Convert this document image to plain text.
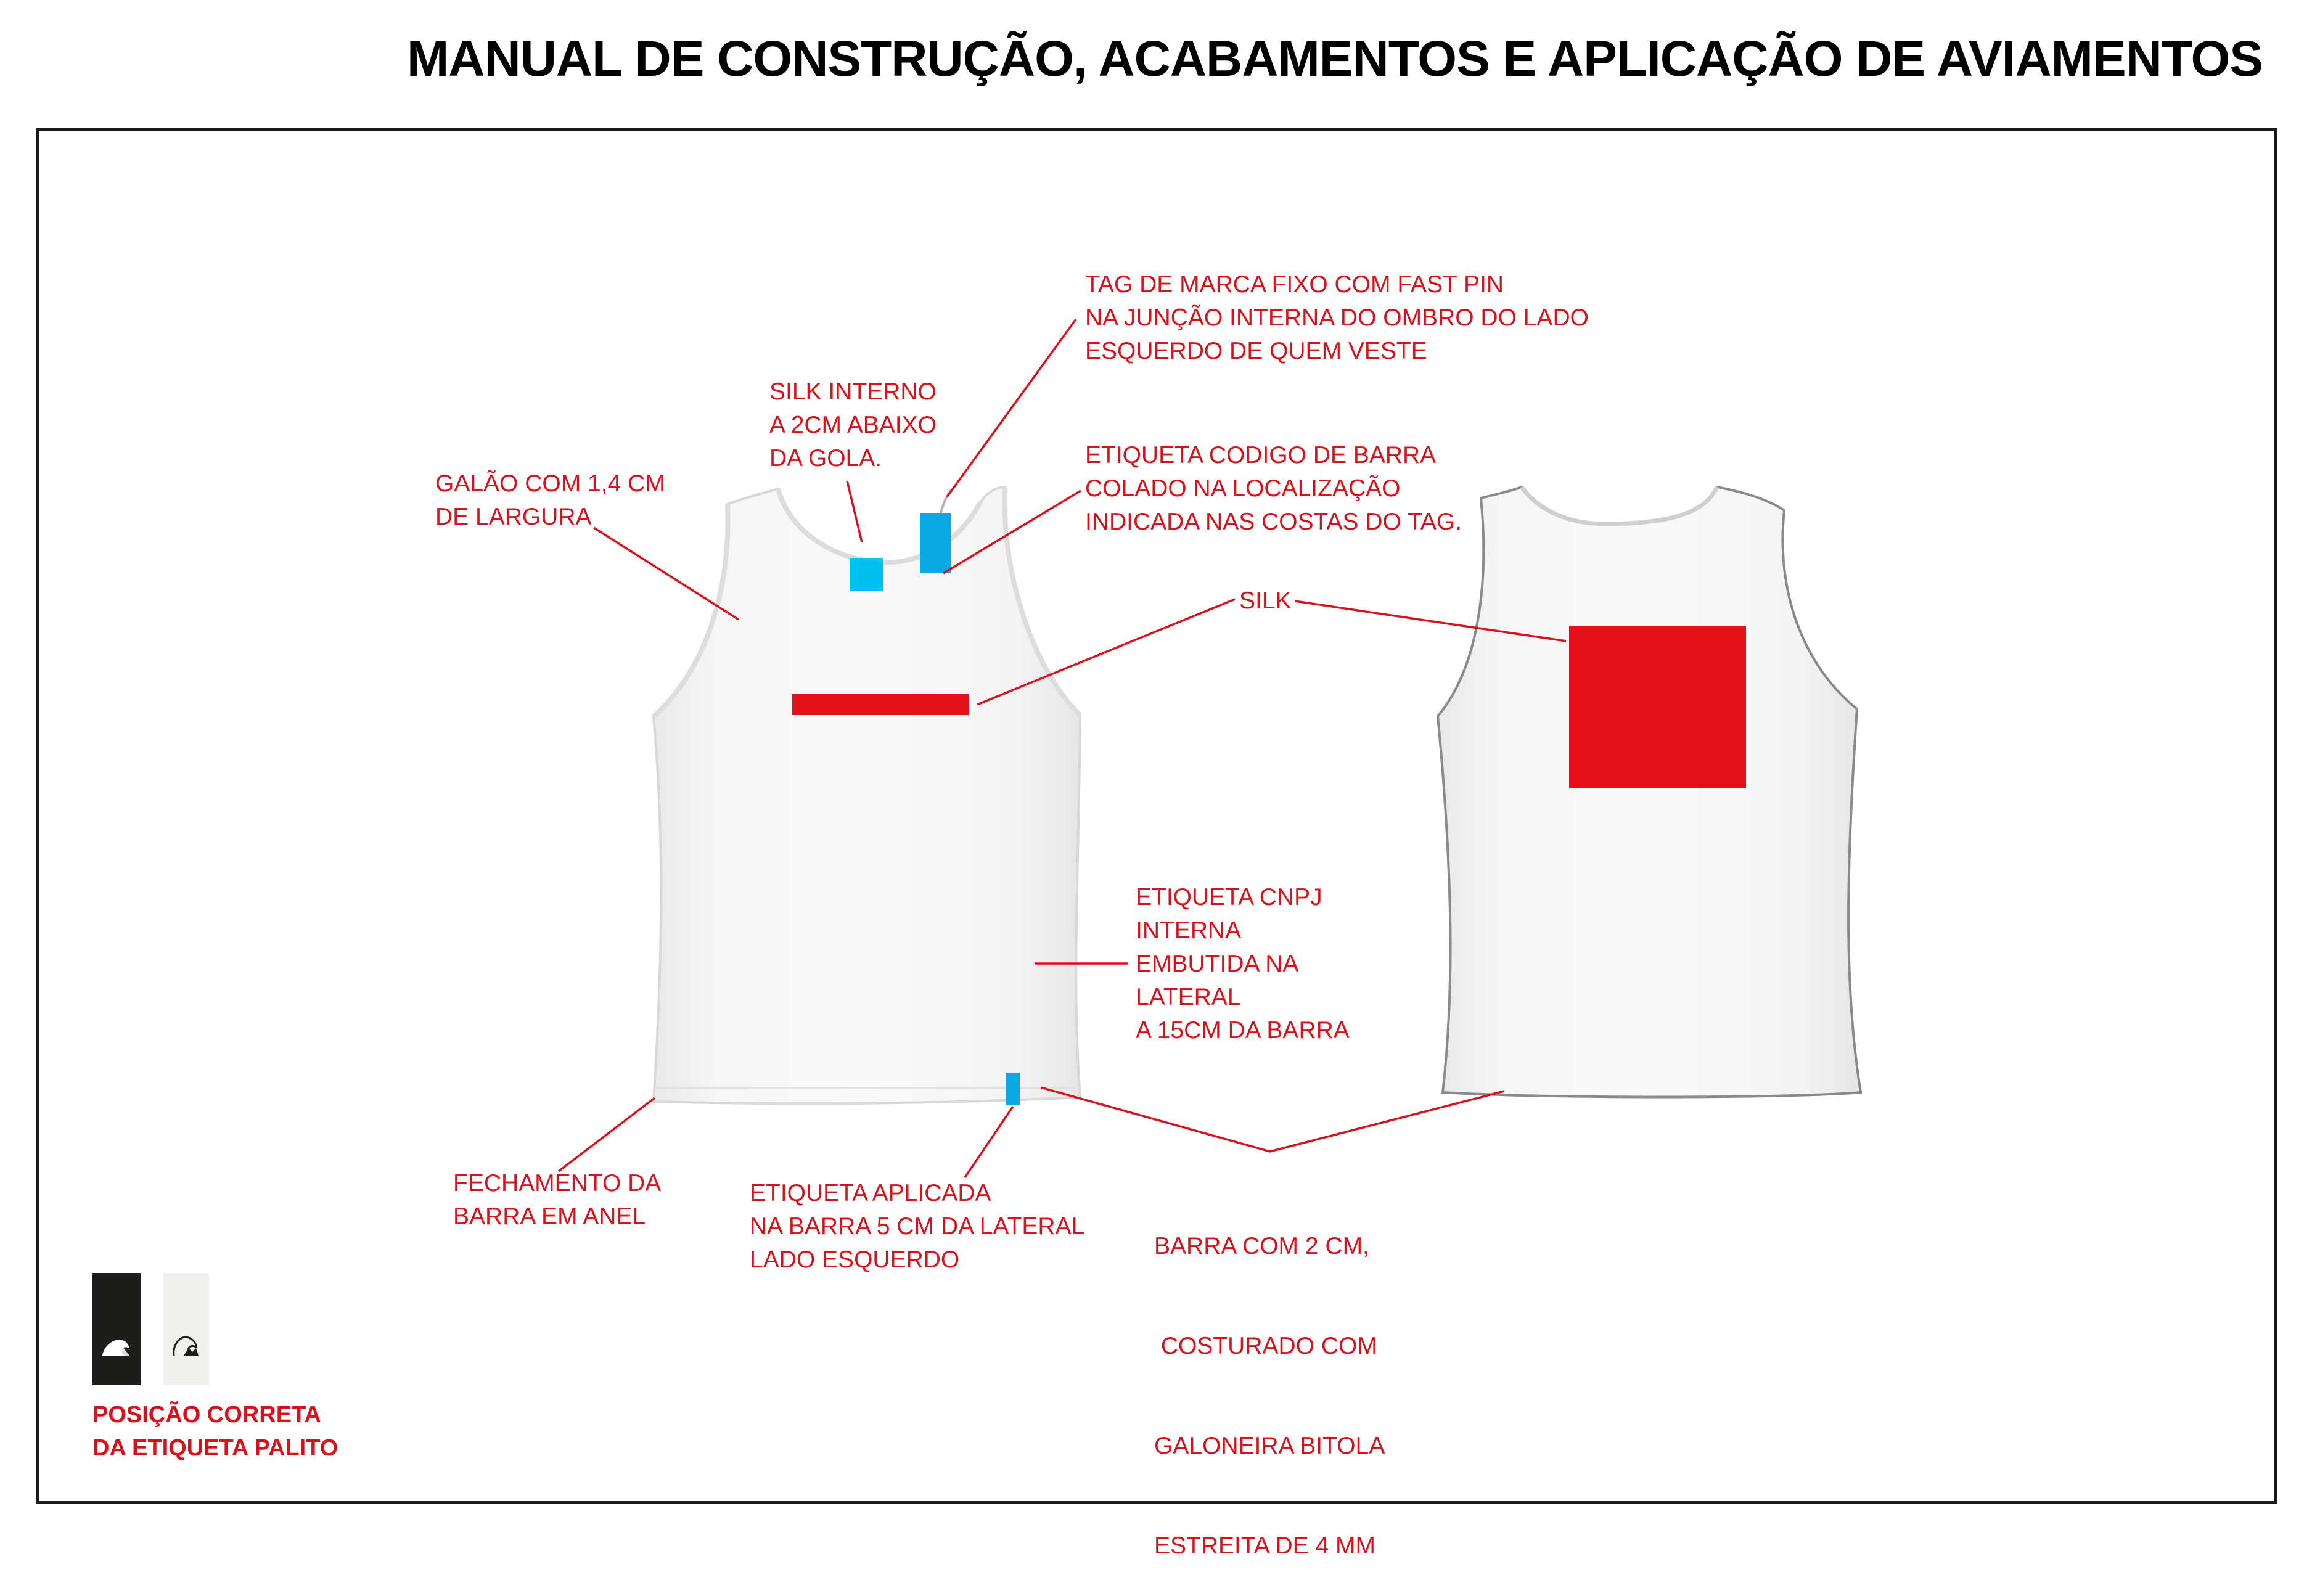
MANUAL DE CONSTRUÇÃO, ACABAMENTOS E APLICAÇÃO DE AVIAMENTOS
TAG DE MARCA FIXO COM FAST PIN
NA JUNÇÃO INTERNA DO OMBRO DO LADO
ESQUERDO DE QUEM VESTE
SILK INTERNO
A 2CM ABAIXO
DA GOLA.
GALÃO COM 1,4 CM
DE LARGURA
ETIQUETA CODIGO DE BARRA
COLADO NA LOCALIZAÇÃO
INDICADA NAS COSTAS DO TAG.
SILK
ETIQUETA CNPJ
INTERNA
EMBUTIDA NA
LATERAL
A 15CM DA BARRA
FECHAMENTO DA
BARRA EM ANEL
ETIQUETA APLICADA
NA BARRA 5 CM DA LATERAL
LADO ESQUERDO

BARRA COM 2 CM,

COSTURADO COM

GALONEIRA BITOLA

ESTREITA DE 4 MM

POSIÇÃO CORRETA
DA ETIQUETA PALITO
